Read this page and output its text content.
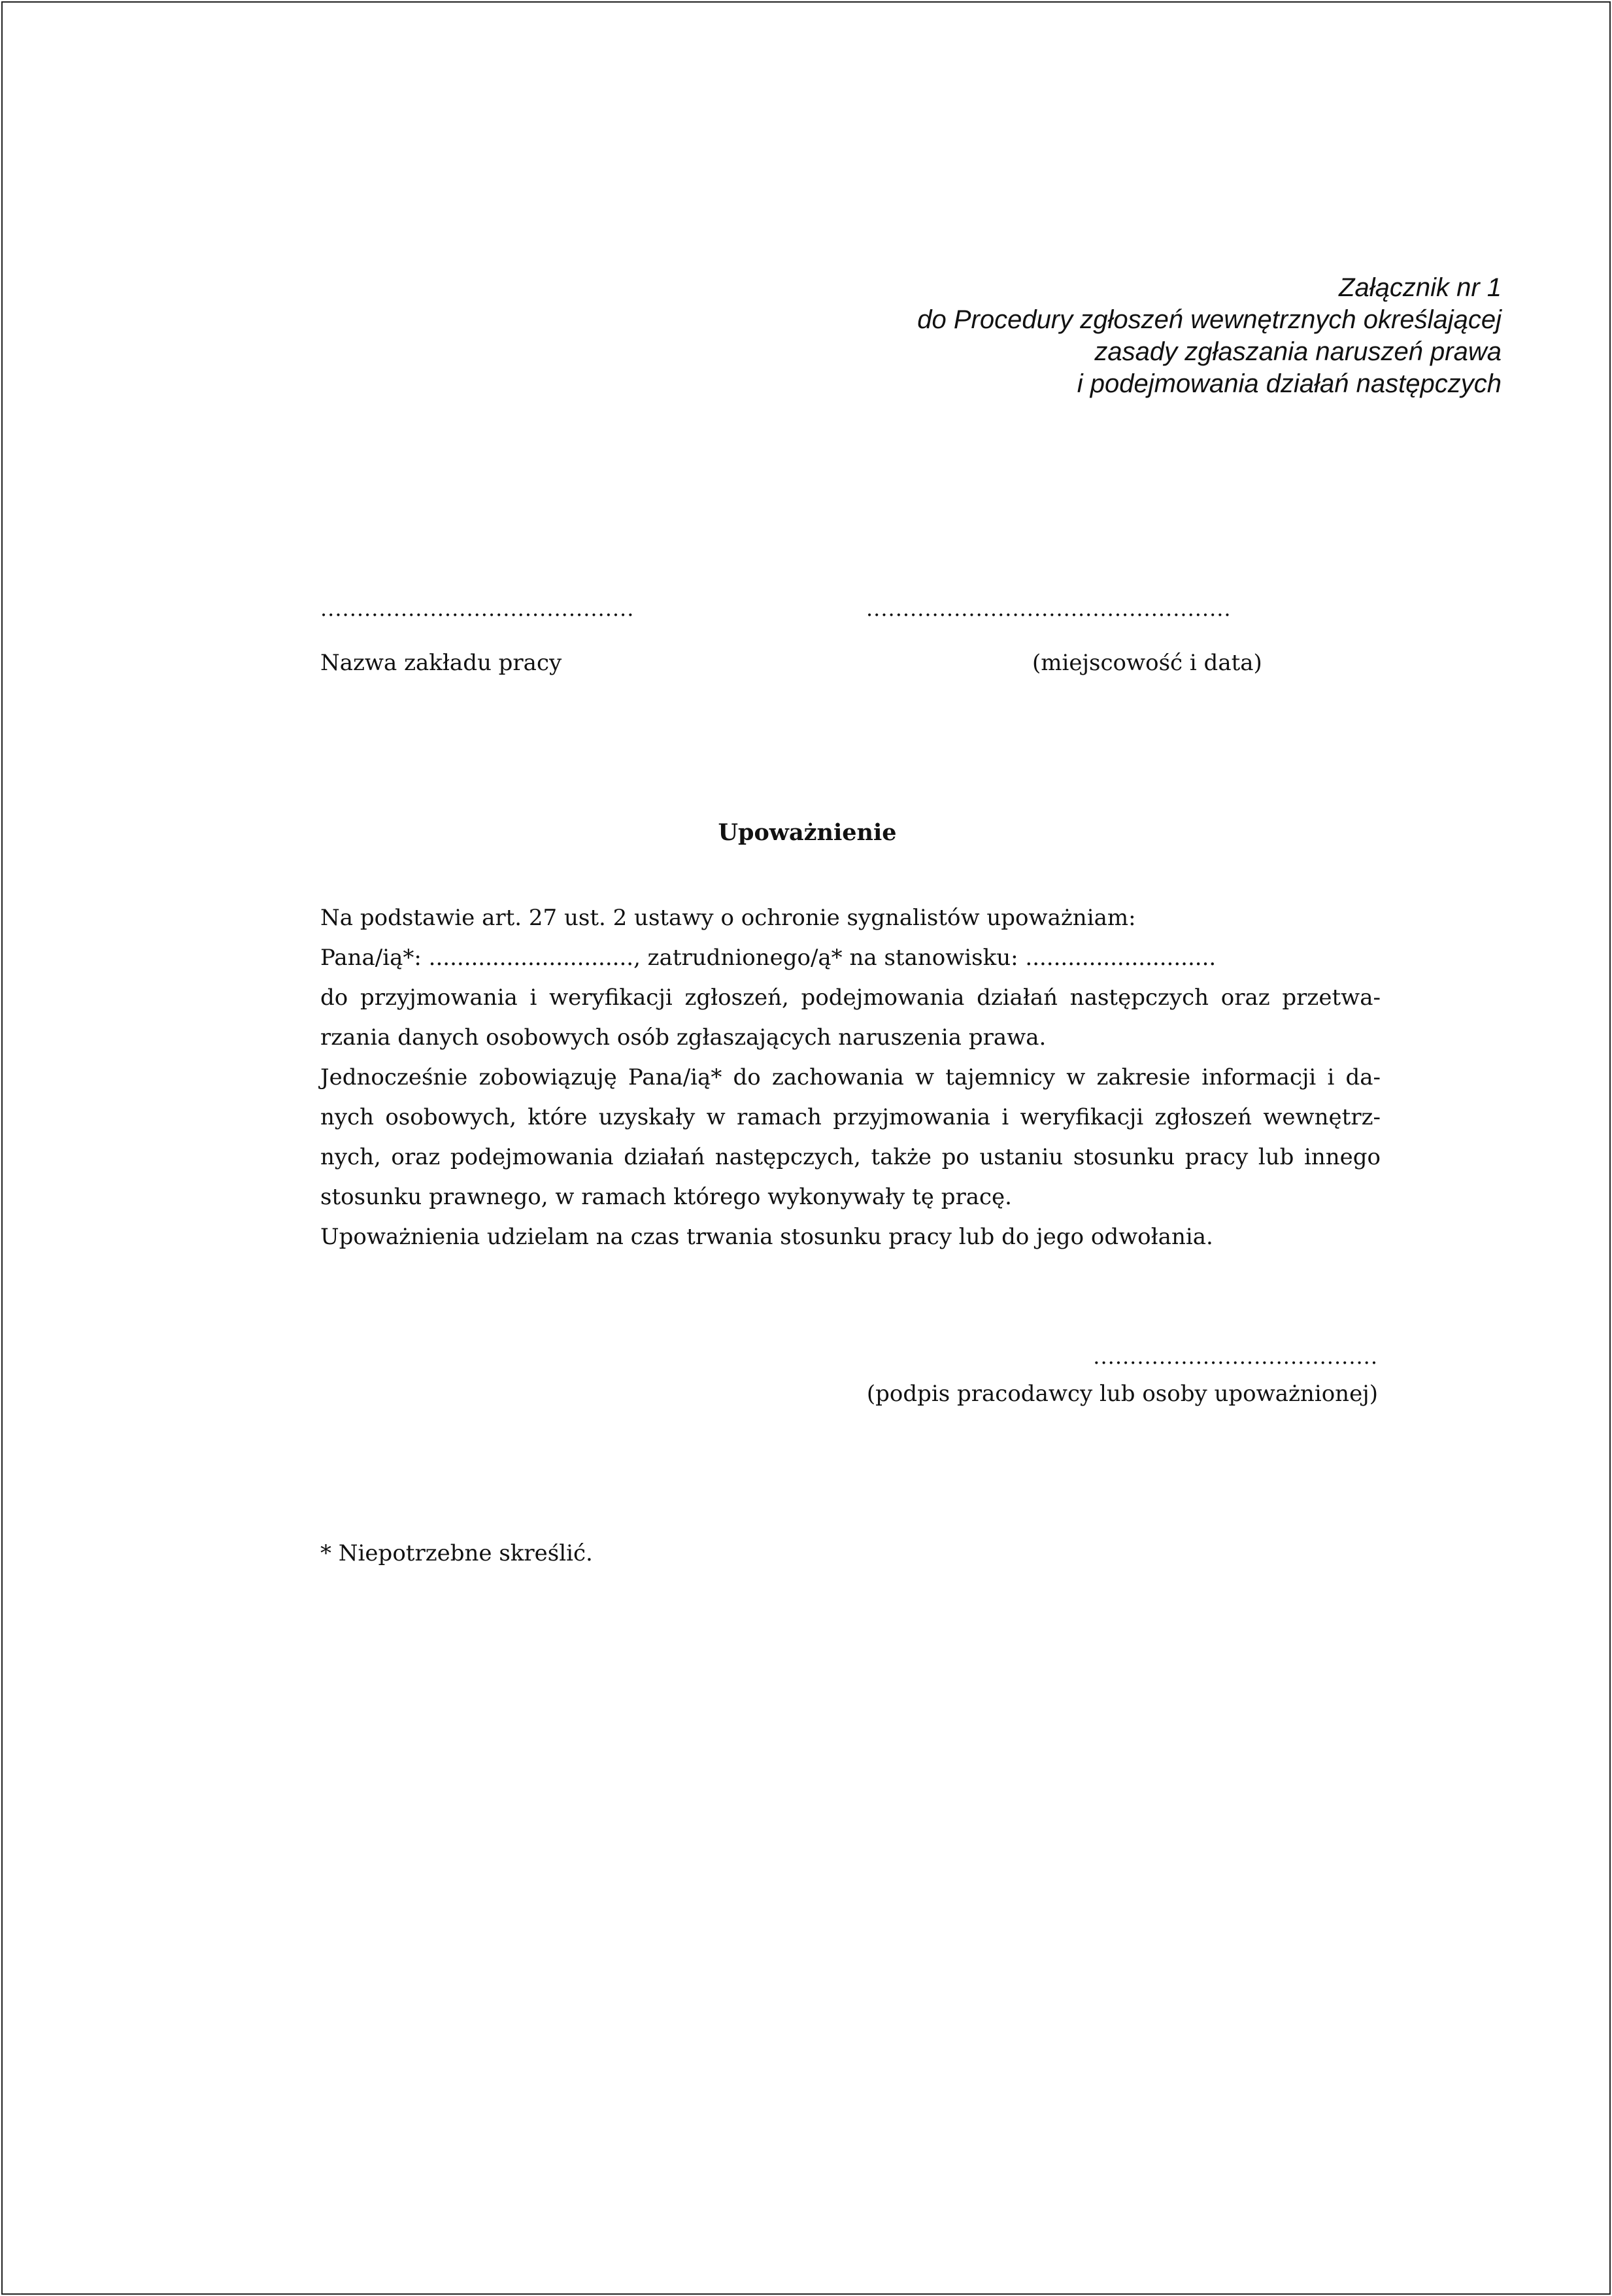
Załącznik nr 1
do Procedury zgłoszeń wewnętrznych określającej
zasady zgłaszania naruszeń prawa
i podejmowania działań następczych
...........................................	..................................................
Nazwa zakładu pracy	(miejscowość i data)
Upoważnienie

Na podstawie art. 27 ust. 2 ustawy o ochronie sygnalistów upoważniam:

Pana/ią*: ............................., zatrudnionego/ą* na stanowisku: ...........................

do przyjmowania i weryfikacji zgłoszeń, podejmowania działań następczych oraz przetwa-

rzania danych osobowych osób zgłaszających naruszenia prawa.

Jednocześnie zobowiązuję Pana/ią* do zachowania w tajemnicy w zakresie informacji i da-

nych osobowych, które uzyskały w ramach przyjmowania i weryfikacji zgłoszeń wewnętrz-

nych, oraz podejmowania działań następczych, także po ustaniu stosunku pracy lub innego

stosunku prawnego, w ramach którego wykonywały tę pracę.

Upoważnienia udzielam na czas trwania stosunku pracy lub do jego odwołania.

.......................................
(podpis pracodawcy lub osoby upoważnionej)
* Niepotrzebne skreślić.
